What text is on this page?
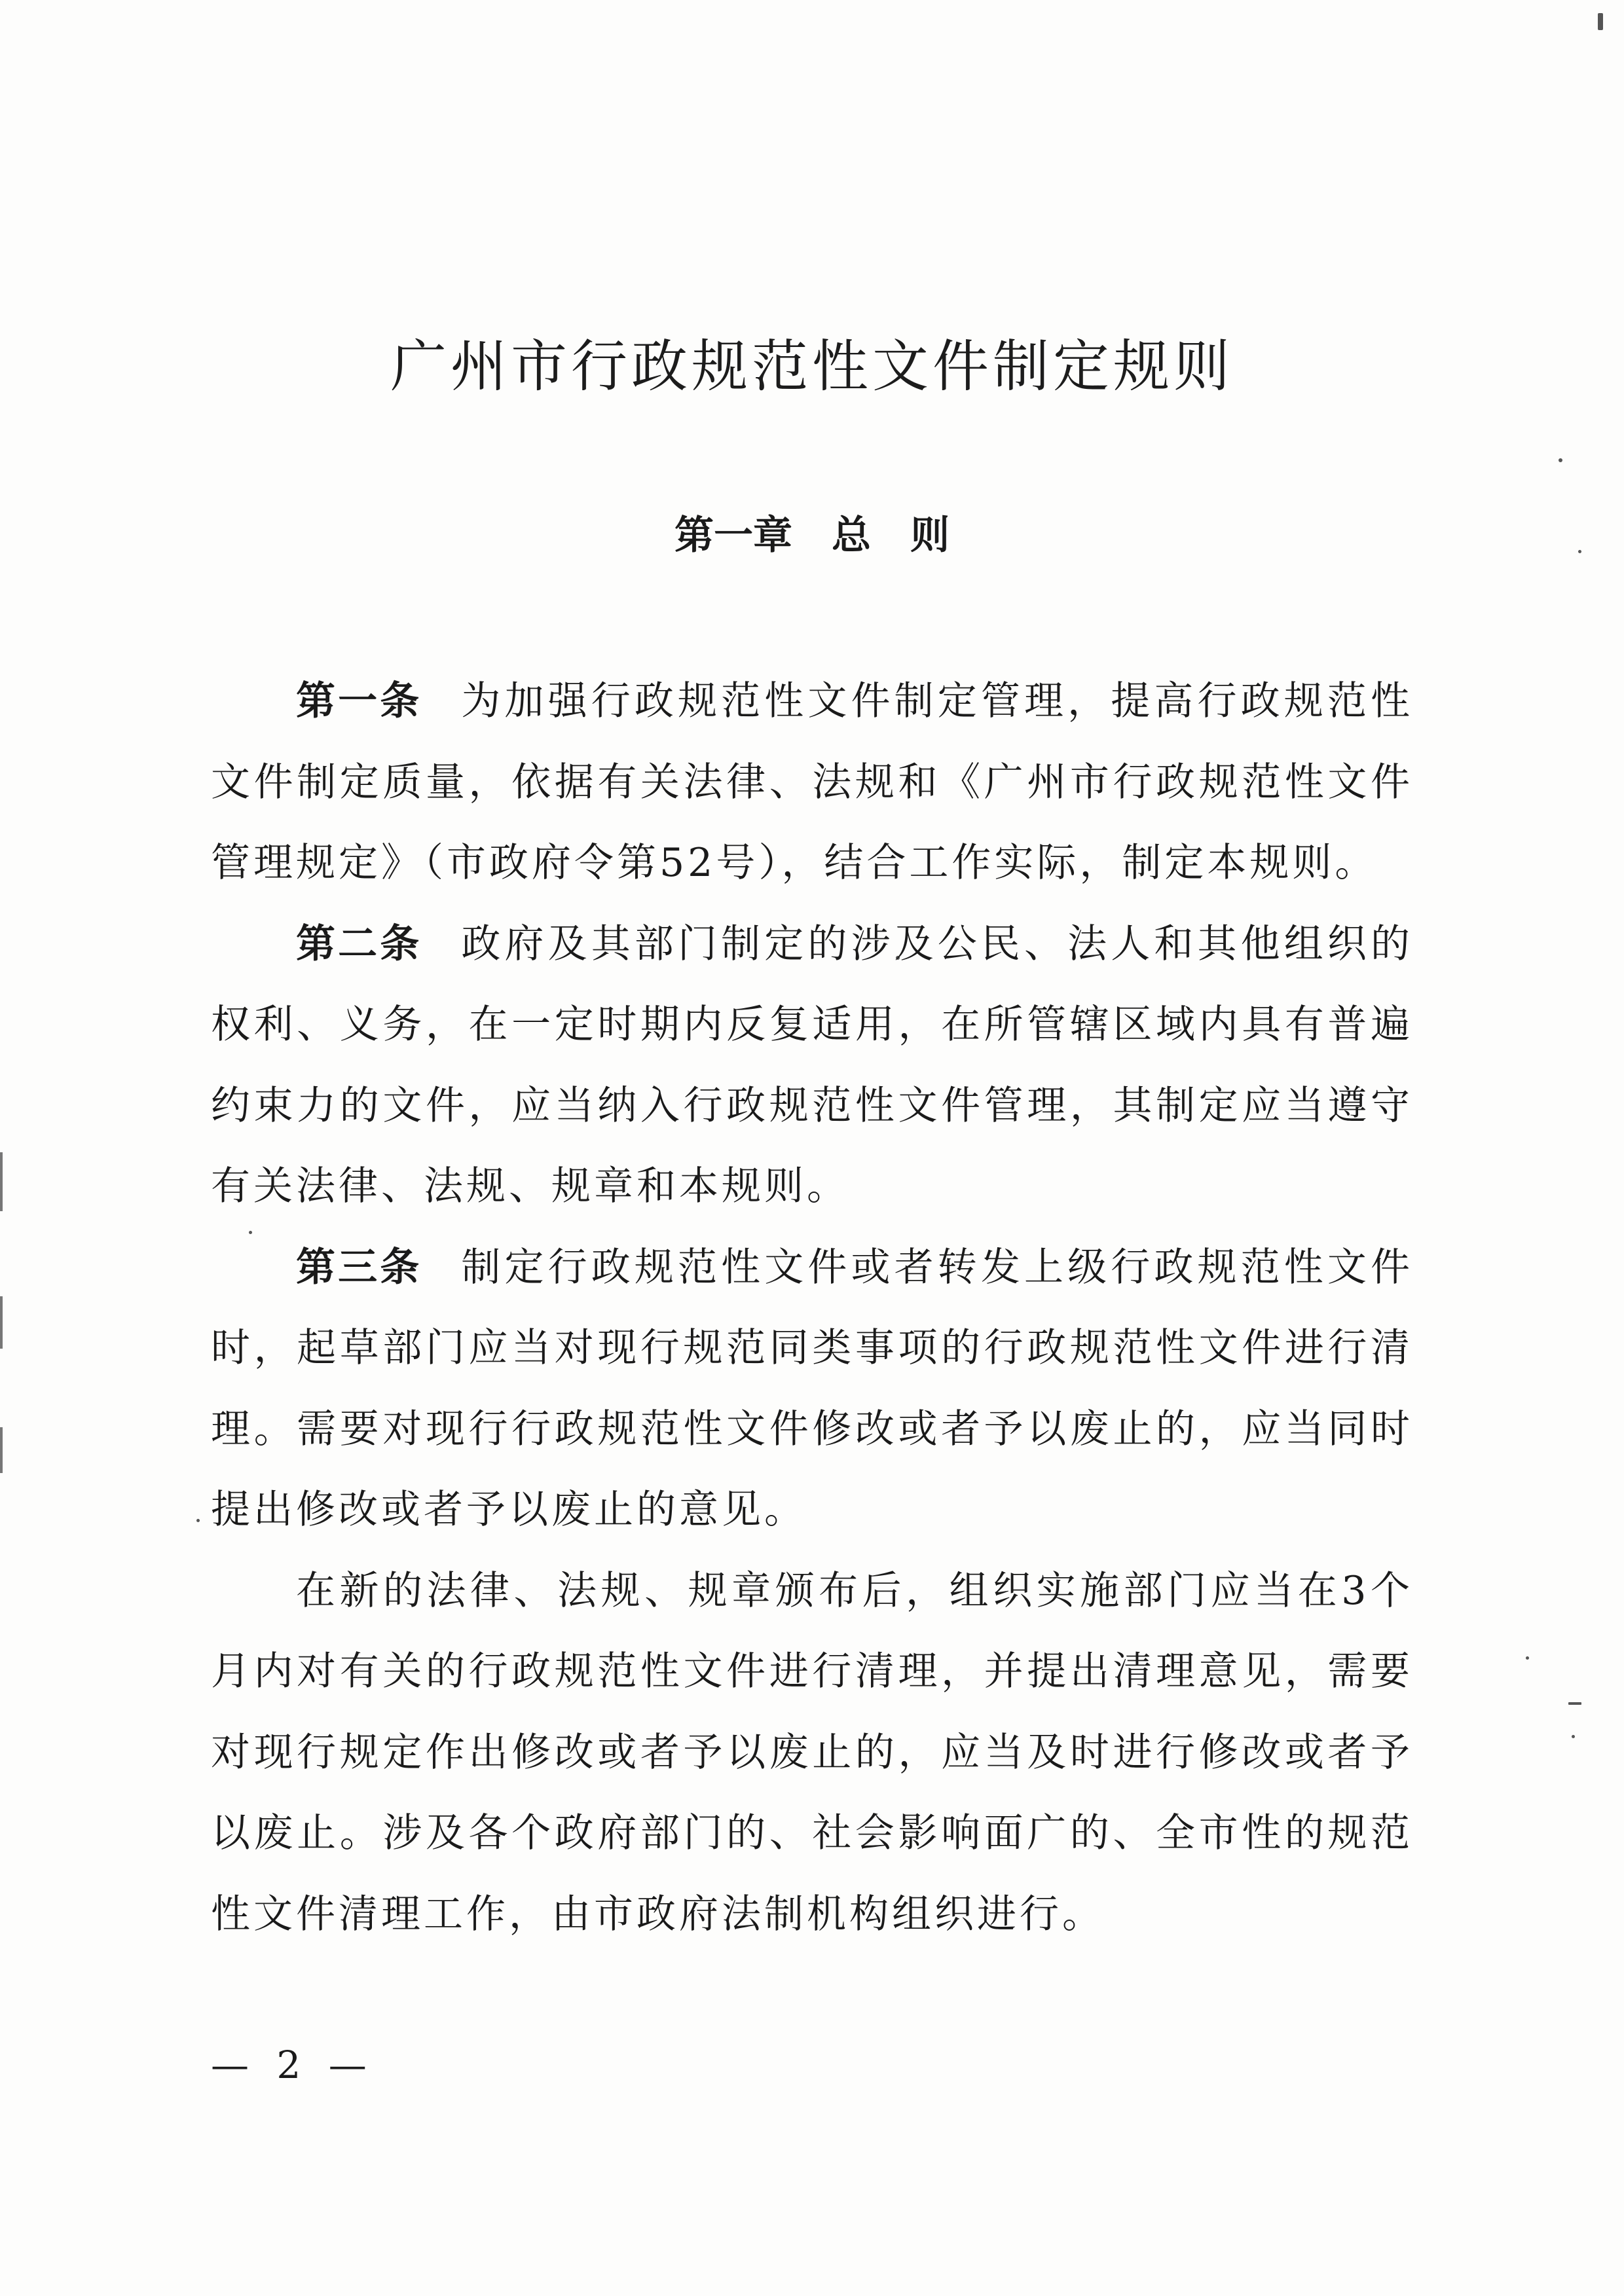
广州市行政规范性文件制定规则
第一章 总　则

第一条 为加强行政规范性文件制定管理，提高行政规范性文件制定质量，依据有关法律、法规和《广州市行政规范性文件管理规定》（市政府令第52号），结合工作实际，制定本规则。

第二条 政府及其部门制定的涉及公民、法人和其他组织的权利、义务，在一定时期内反复适用，在所管辖区域内具有普遍约束力的文件，应当纳入行政规范性文件管理，其制定应当遵守有关法律、法规、规章和本规则。

第三条 制定行政规范性文件或者转发上级行政规范性文件时，起草部门应当对现行规范同类事项的行政规范性文件进行清理。需要对现行行政规范性文件修改或者予以废止的，应当同时提出修改或者予以废止的意见。

在新的法律、法规、规章颁布后，组织实施部门应当在3个月内对有关的行政规范性文件进行清理，并提出清理意见，需要对现行规定作出修改或者予以废止的，应当及时进行修改或者予以废止。涉及各个政府部门的、社会影响面广的、全市性的规范性文件清理工作，由市政府法制机构组织进行。

— 2 —
